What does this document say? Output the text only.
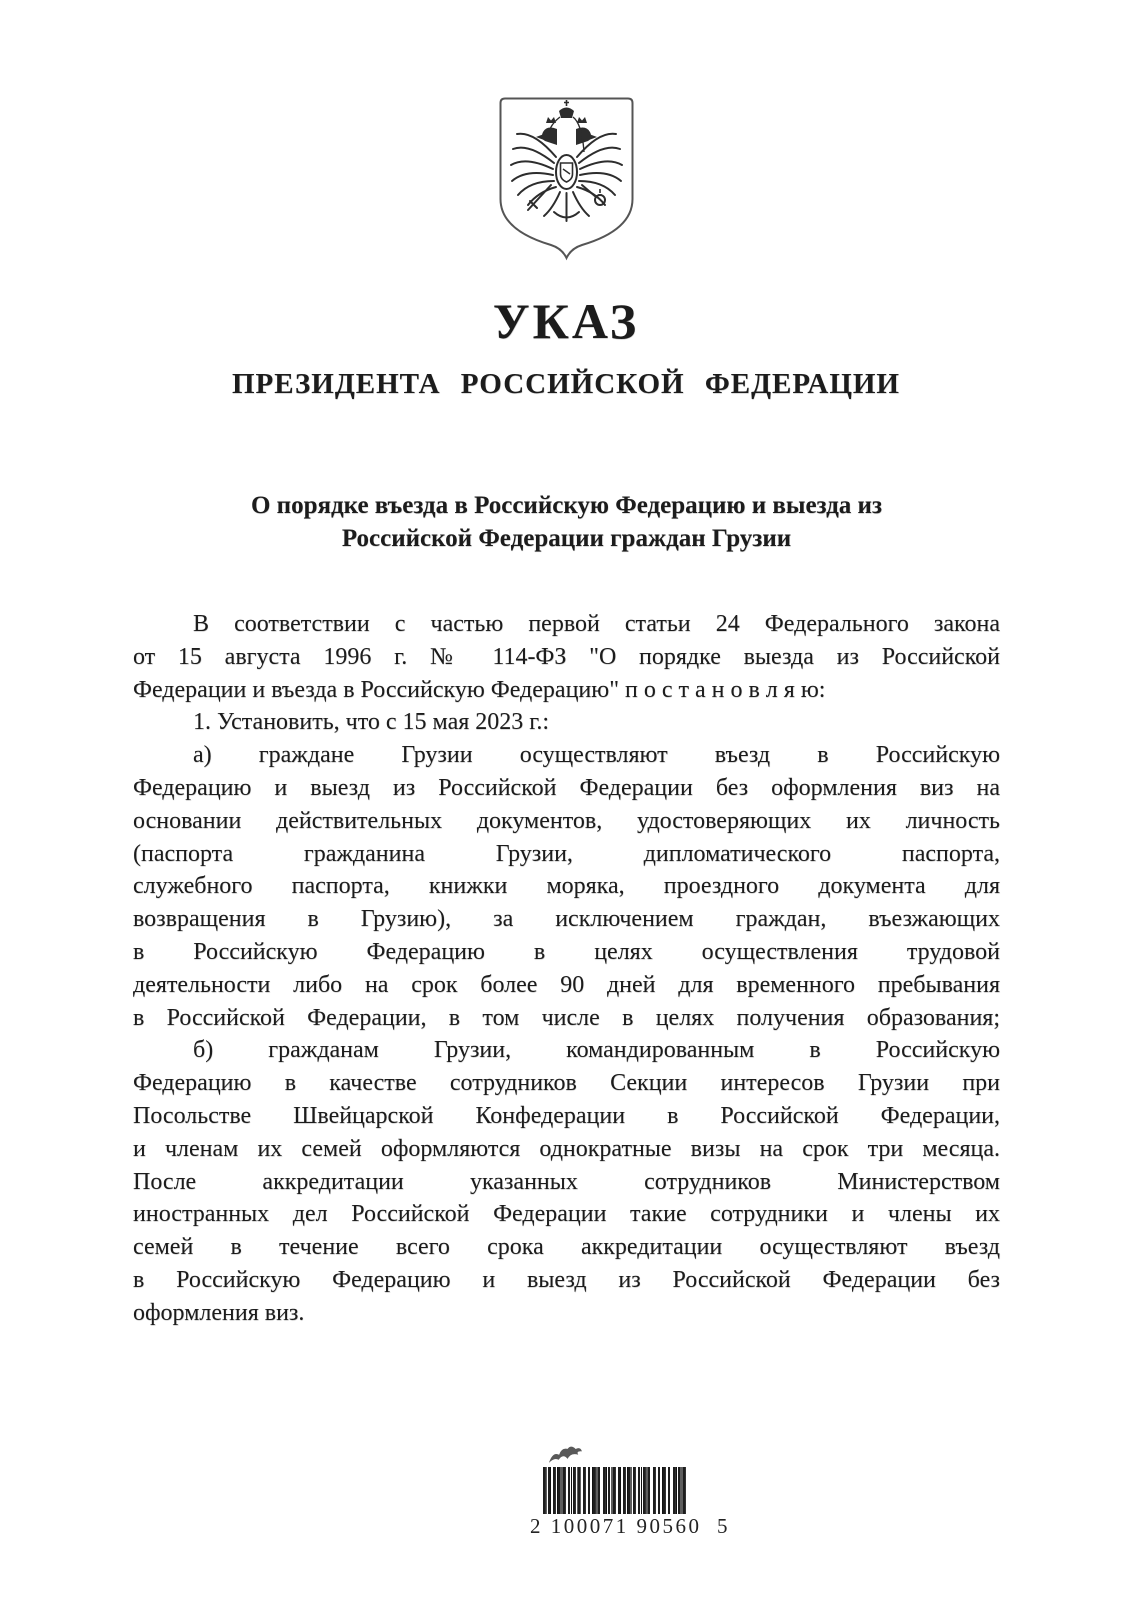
УКАЗ
ПРЕЗИДЕНТА РОССИЙСКОЙ ФЕДЕРАЦИИ
О порядке въезда в Российскую Федерацию и выезда из
Российской Федерации граждан Грузии
В соответствии с частью первой статьи 24 Федерального закона
от 15 августа 1996 г. № 114-ФЗ "О порядке выезда из Российской
Федерации и въезда в Российскую Федерацию" п о с т а н о в л я ю:
1. Установить, что с 15 мая 2023 г.:
а) граждане Грузии осуществляют въезд в Российскую
Федерацию и выезд из Российской Федерации без оформления виз на
основании действительных документов, удостоверяющих их личность
(паспорта гражданина Грузии, дипломатического паспорта,
служебного паспорта, книжки моряка, проездного документа для
возвращения в Грузию), за исключением граждан, въезжающих
в Российскую Федерацию в целях осуществления трудовой
деятельности либо на срок более 90 дней для временного пребывания
в Российской Федерации, в том числе в целях получения образования;
б) гражданам Грузии, командированным в Российскую
Федерацию в качестве сотрудников Секции интересов Грузии при
Посольстве Швейцарской Конфедерации в Российской Федерации,
и членам их семей оформляются однократные визы на срок три месяца.
После аккредитации указанных сотрудников Министерством
иностранных дел Российской Федерации такие сотрудники и члены их
семей в течение всего срока аккредитации осуществляют въезд
в Российскую Федерацию и выезд из Российской Федерации без
оформления виз.
2 100071 90560  5
